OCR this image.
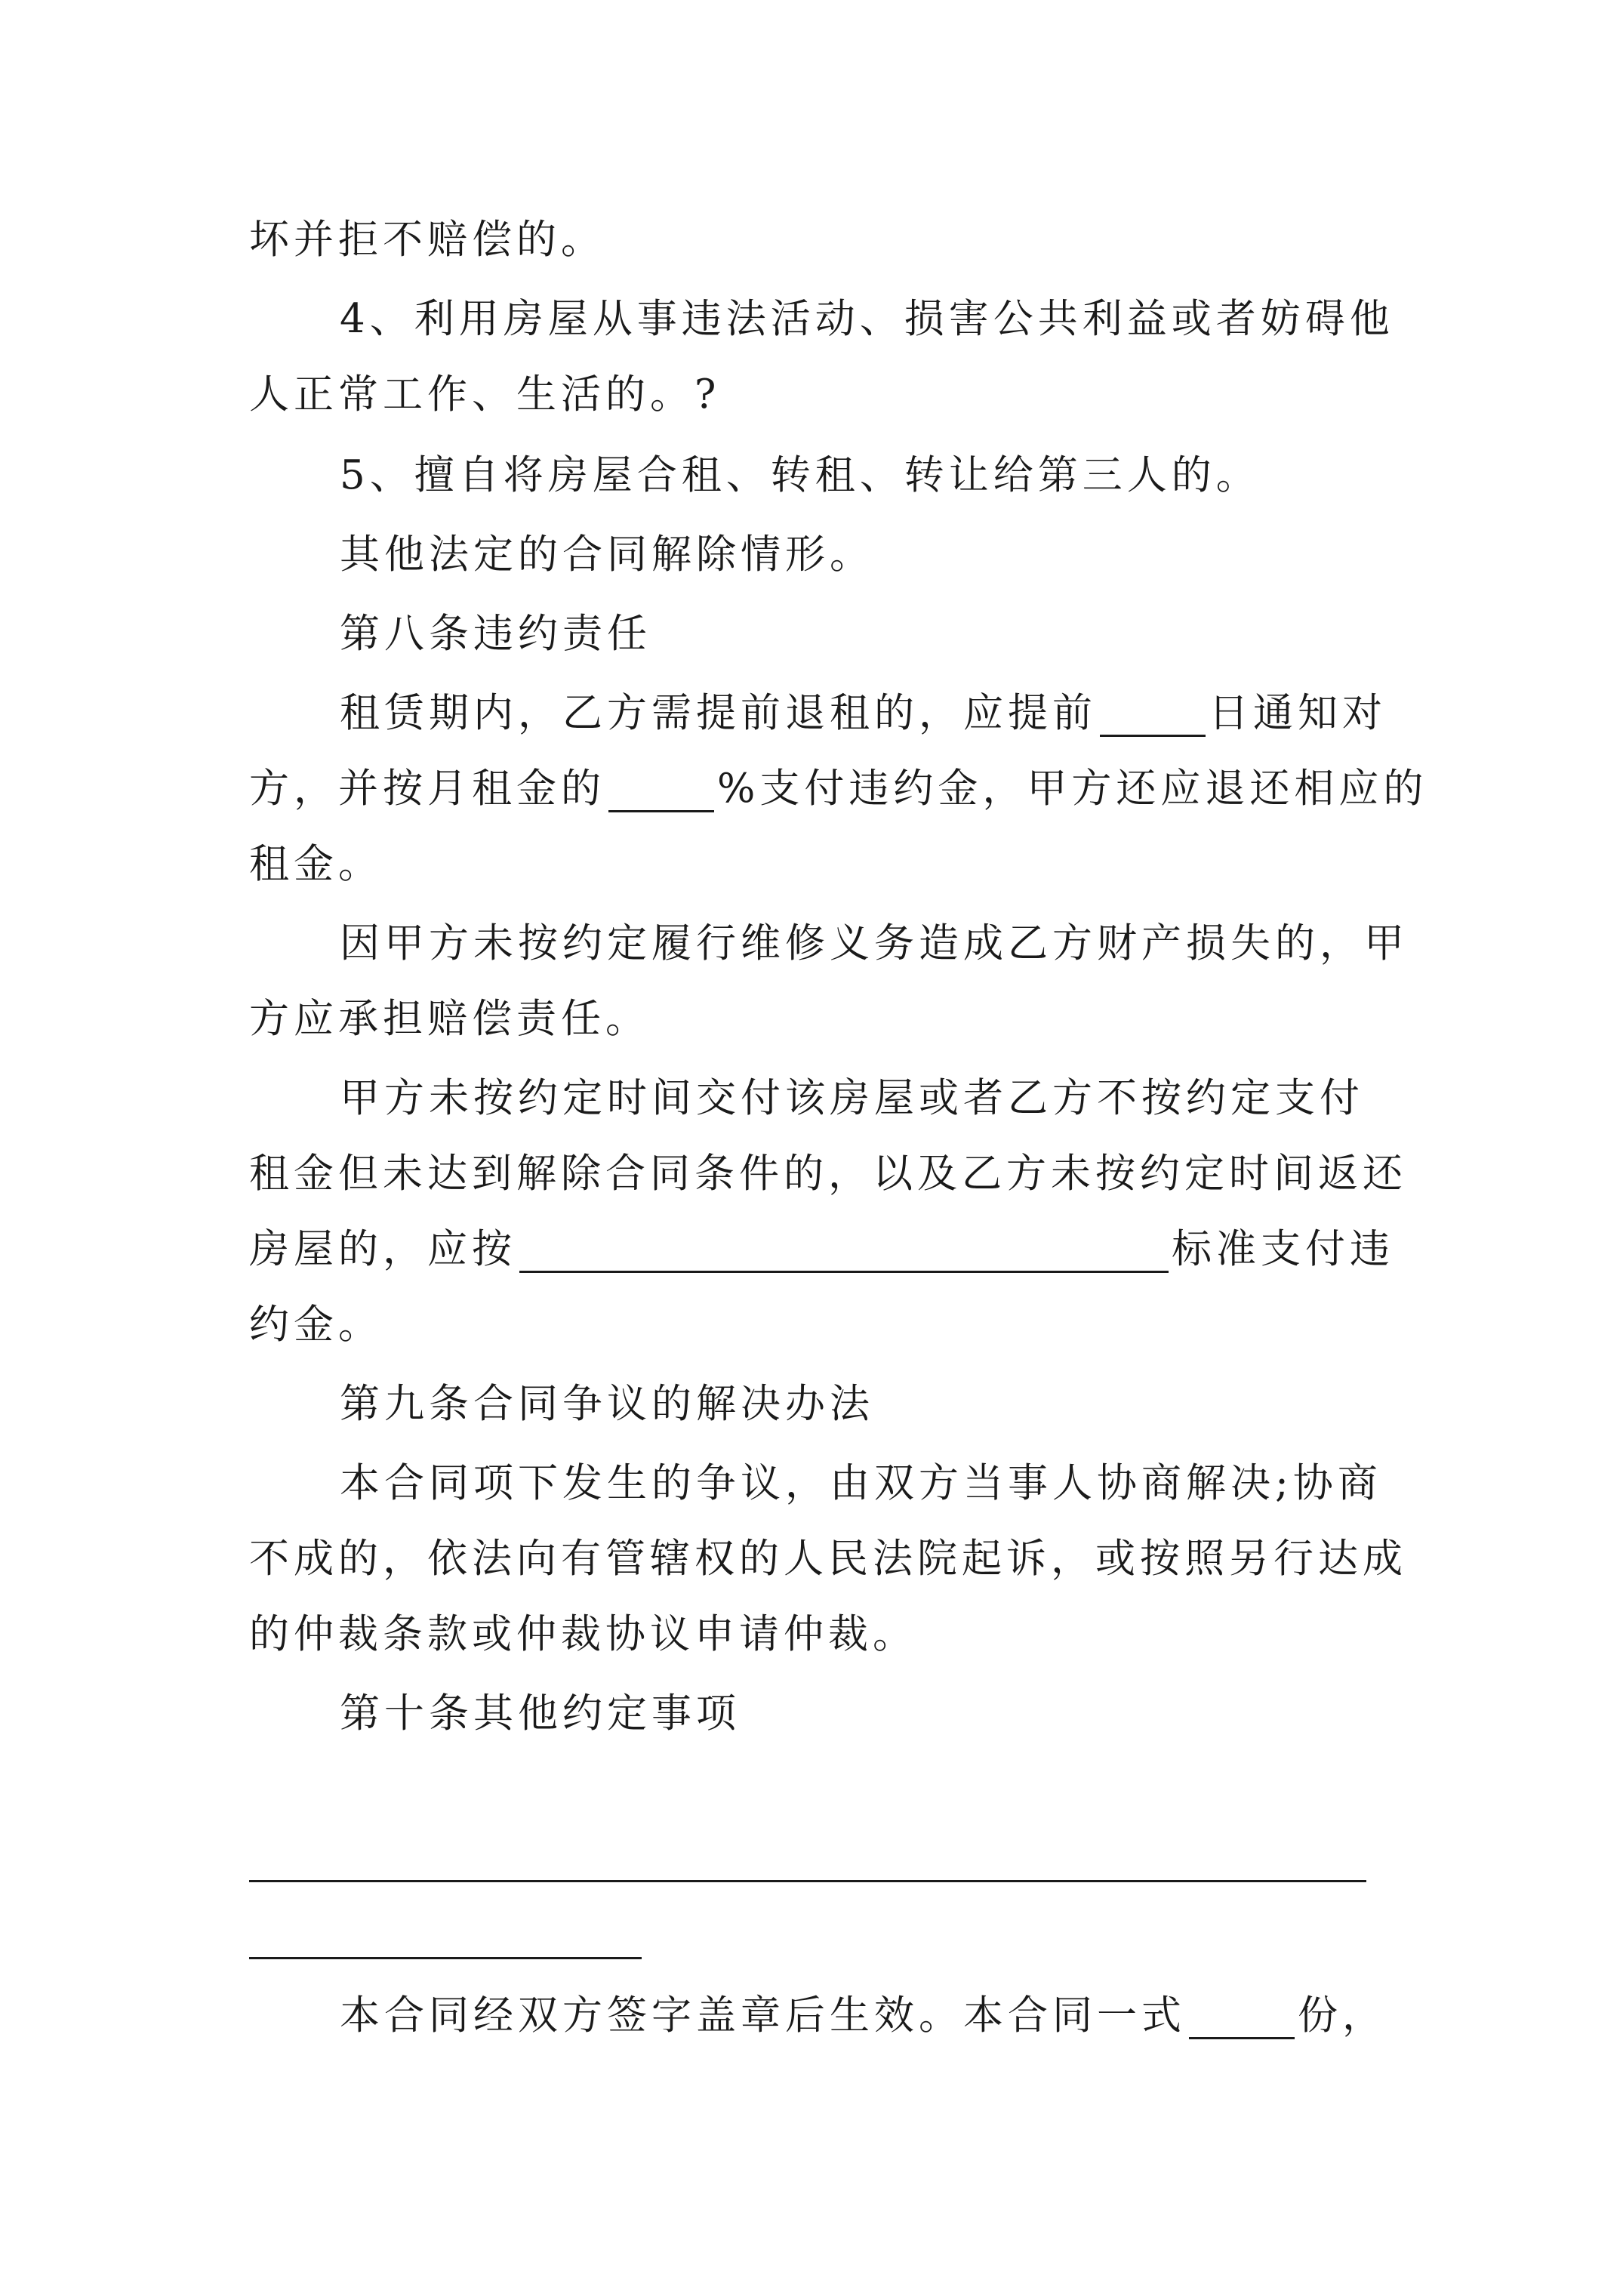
坏并拒不赔偿的。
4、利用房屋从事违法活动、损害公共利益或者妨碍他
人正常工作、生活的。?
5、擅自将房屋合租、转租、转让给第三人的。
其他法定的合同解除情形。
第八条违约责任
租赁期内，乙方需提前退租的，应提前	日通知对
方，并按月租金的	%支付违约金，甲方还应退还相应的
租金。
因甲方未按约定履行维修义务造成乙方财产损失的，甲
方应承担赔偿责任。
甲方未按约定时间交付该房屋或者乙方不按约定支付
租金但未达到解除合同条件的，以及乙方未按约定时间返还
房屋的，应按	标准支付违
约金。
第九条合同争议的解决办法
本合同项下发生的争议，由双方当事人协商解决;协商
不成的，依法向有管辖权的人民法院起诉，或按照另行达成
的仲裁条款或仲裁协议申请仲裁。
第十条其他约定事项
本合同经双方签字盖章后生效。本合同一式	份，
